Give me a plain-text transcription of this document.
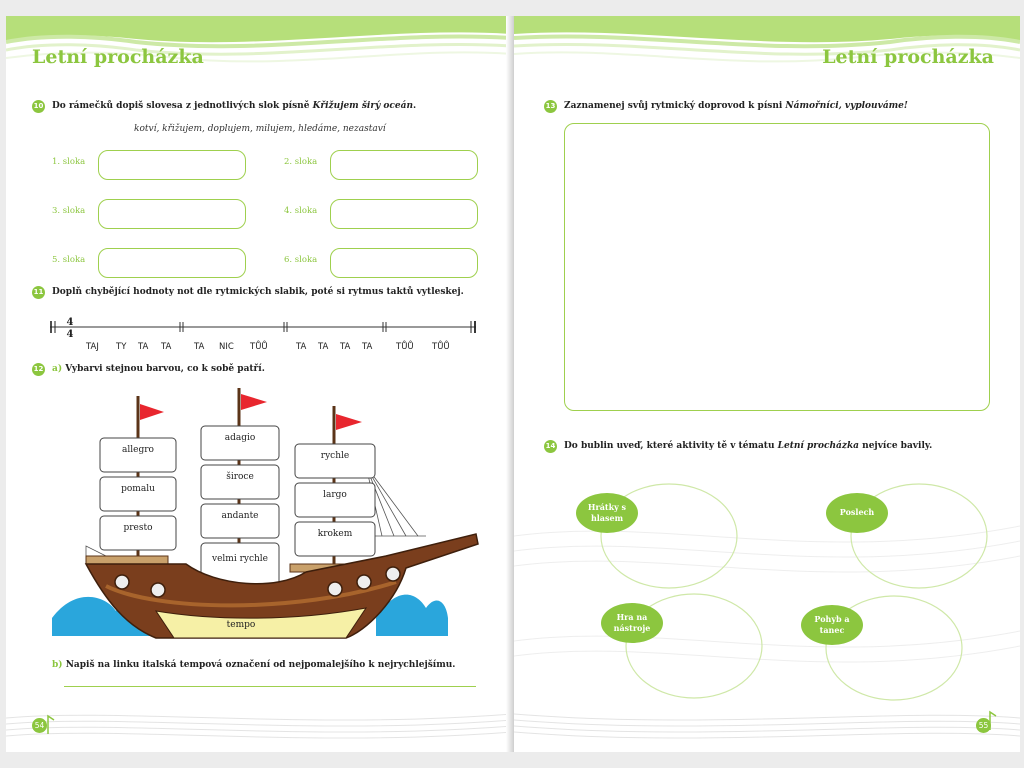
Letní procházka
10 Do rámečků dopiš slovesa z jednotlivých slok písně Křižujem širý oceán.
kotví, křižujem, doplujem, milujem, hledáme, nezastaví
1. sloka	2. sloka
3. sloka	4. sloka
5. sloka	6. sloka
11 Doplň chybějící hodnoty not dle rytmických slabik, poté si rytmus taktů vytleskej.
4
4
TAJ TY TA TA	TA NIC TŮŮ	TA TA TA TA	TŮŮ TŮŮ
12 a) Vybarvi stejnou barvou, co k sobě patří.
allegro
pomalu
presto
adagio
široce
andante
velmi rychle
rychle
largo
krokem
tempo
b) Napiš na linku italská tempová označení od nejpomalejšího k nejrychlejšímu.
54
Letní procházka
13 Zaznamenej svůj rytmický doprovod k písni Námořníci, vyplouváme!
14 Do bublin uveď, které aktivity tě v tématu Letní procházka nejvíce bavily.
Hrátky s hlasem
Poslech
Hra na nástroje
Pohyb a tanec
55
